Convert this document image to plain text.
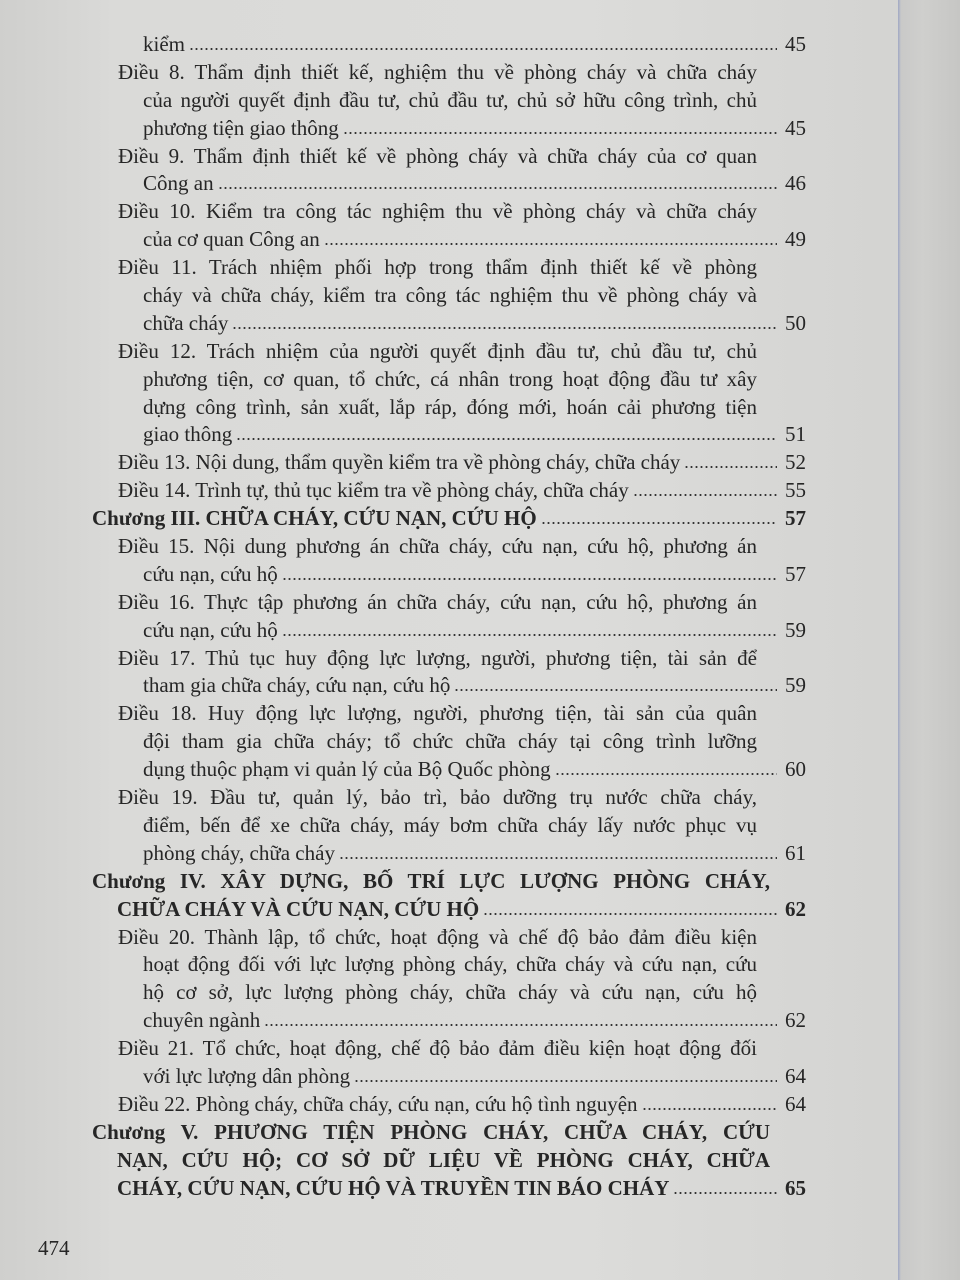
kiểm	45
Điều 8. Thẩm định thiết kế, nghiệm thu về phòng cháy và chữa cháy
của người quyết định đầu tư, chủ đầu tư, chủ sở hữu công trình, chủ
phương tiện giao thông	45
Điều 9. Thẩm định thiết kế về phòng cháy và chữa cháy của cơ quan
Công an	46
Điều 10. Kiểm tra công tác nghiệm thu về phòng cháy và chữa cháy
của cơ quan Công an	49
Điều 11. Trách nhiệm phối hợp trong thẩm định thiết kế về phòng
cháy và chữa cháy, kiểm tra công tác nghiệm thu về phòng cháy và
chữa cháy	50
Điều 12. Trách nhiệm của người quyết định đầu tư, chủ đầu tư, chủ
phương tiện, cơ quan, tổ chức, cá nhân trong hoạt động đầu tư xây
dựng công trình, sản xuất, lắp ráp, đóng mới, hoán cải phương tiện
giao thông	51
Điều 13. Nội dung, thẩm quyền kiểm tra về phòng cháy, chữa cháy	52
Điều 14. Trình tự, thủ tục kiểm tra về phòng cháy, chữa cháy	55
Chương III. CHỮA CHÁY, CỨU NẠN, CỨU HỘ	57
Điều 15. Nội dung phương án chữa cháy, cứu nạn, cứu hộ, phương án
cứu nạn, cứu hộ	57
Điều 16. Thực tập phương án chữa cháy, cứu nạn, cứu hộ, phương án
cứu nạn, cứu hộ	59
Điều 17. Thủ tục huy động lực lượng, người, phương tiện, tài sản để
tham gia chữa cháy, cứu nạn, cứu hộ	59
Điều 18. Huy động lực lượng, người, phương tiện, tài sản của quân
đội tham gia chữa cháy; tổ chức chữa cháy tại công trình lưỡng
dụng thuộc phạm vi quản lý của Bộ Quốc phòng	60
Điều 19. Đầu tư, quản lý, bảo trì, bảo dưỡng trụ nước chữa cháy,
điểm, bến để xe chữa cháy, máy bơm chữa cháy lấy nước phục vụ
phòng cháy, chữa cháy	61
Chương IV. XÂY DỰNG, BỐ TRÍ LỰC LƯỢNG PHÒNG CHÁY,
CHỮA CHÁY VÀ CỨU NẠN, CỨU HỘ	62
Điều 20. Thành lập, tổ chức, hoạt động và chế độ bảo đảm điều kiện
hoạt động đối với lực lượng phòng cháy, chữa cháy và cứu nạn, cứu
hộ cơ sở, lực lượng phòng cháy, chữa cháy và cứu nạn, cứu hộ
chuyên ngành	62
Điều 21. Tổ chức, hoạt động, chế độ bảo đảm điều kiện hoạt động đối
với lực lượng dân phòng	64
Điều 22. Phòng cháy, chữa cháy, cứu nạn, cứu hộ tình nguyện	64
Chương V. PHƯƠNG TIỆN PHÒNG CHÁY, CHỮA CHÁY, CỨU
NẠN, CỨU HỘ; CƠ SỞ DỮ LIỆU VỀ PHÒNG CHÁY, CHỮA
CHÁY, CỨU NẠN, CỨU HỘ VÀ TRUYỀN TIN BÁO CHÁY	65
474
